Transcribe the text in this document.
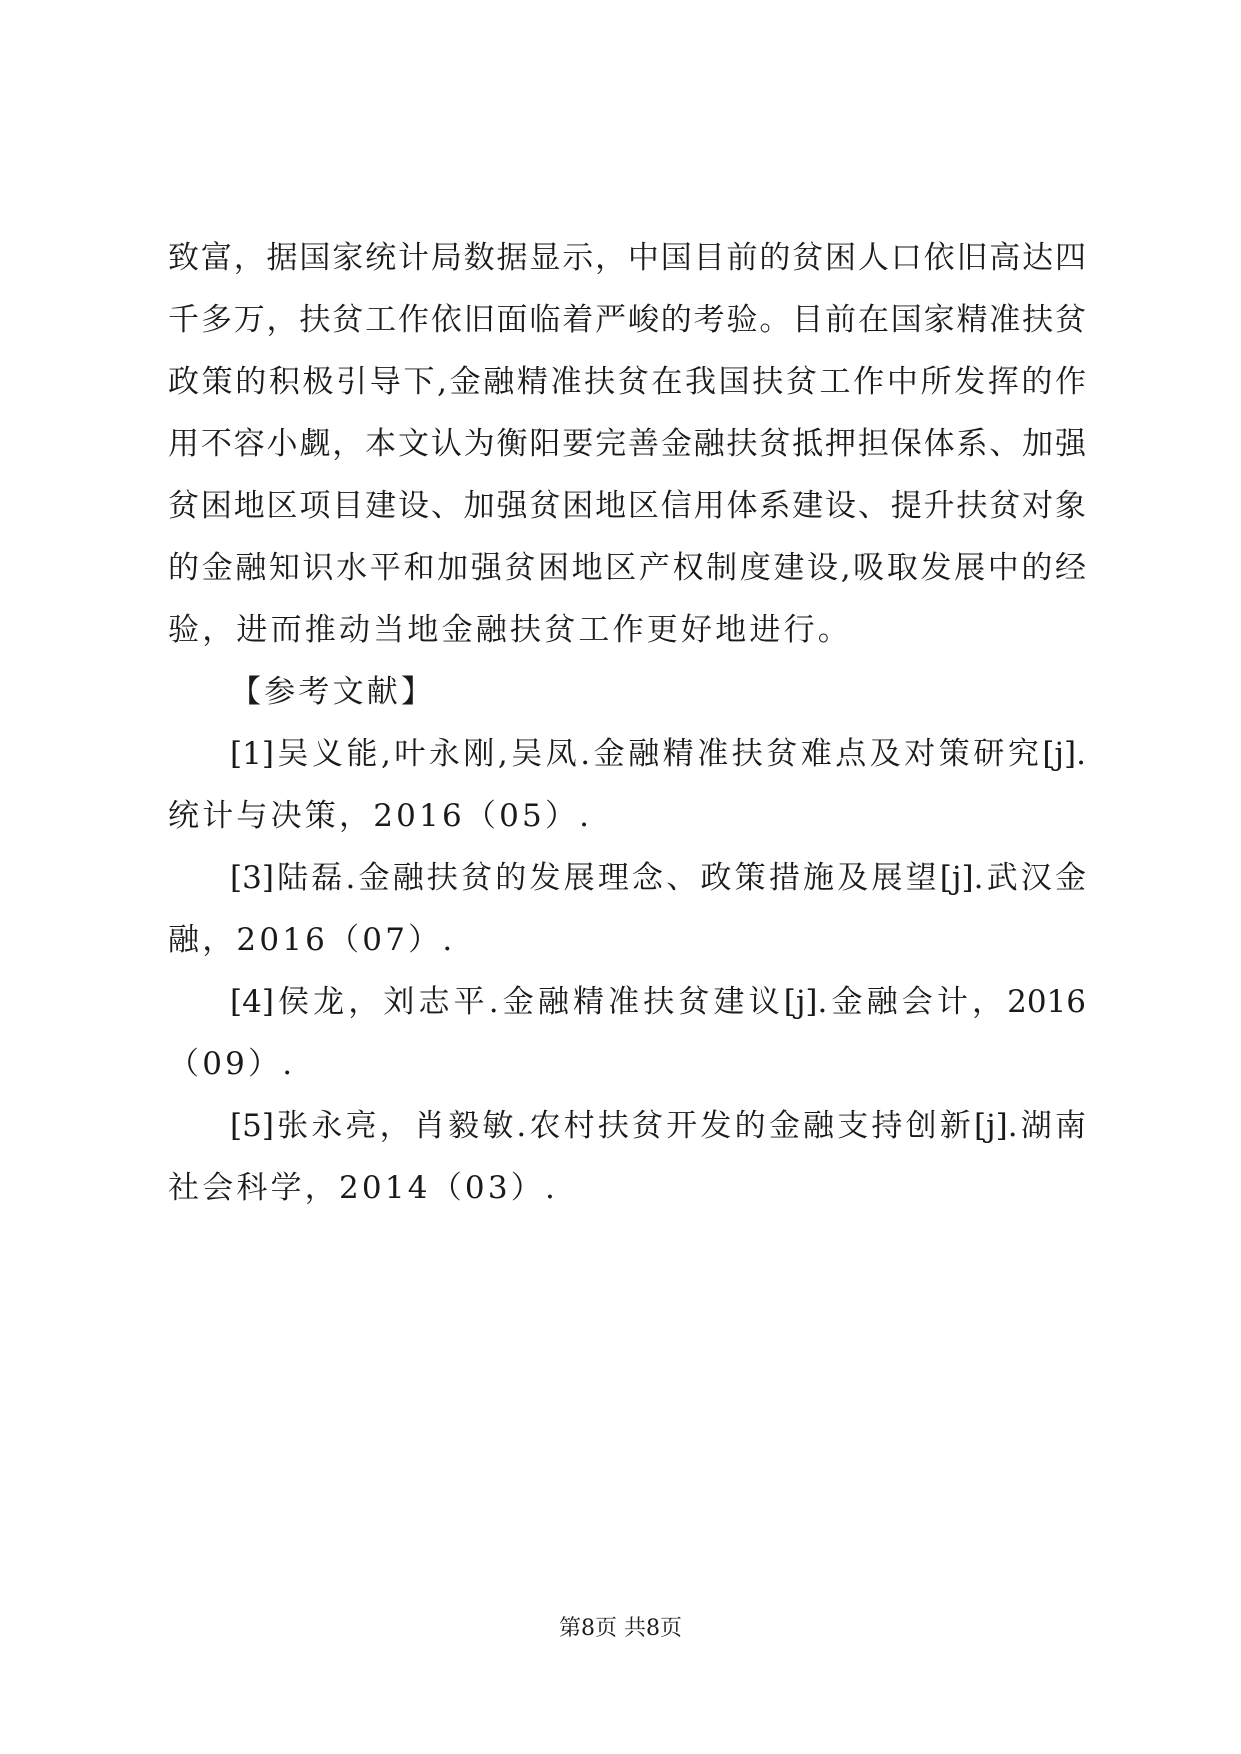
致富，据国家统计局数据显示，中国目前的贫困人口依旧高达四
千多万，扶贫工作依旧面临着严峻的考验。目前在国家精准扶贫
政策的积极引导下,金融精准扶贫在我国扶贫工作中所发挥的作
用不容小觑，本文认为衡阳要完善金融扶贫抵押担保体系、加强
贫困地区项目建设、加强贫困地区信用体系建设、提升扶贫对象
的金融知识水平和加强贫困地区产权制度建设,吸取发展中的经
验，进而推动当地金融扶贫工作更好地进行。
【参考文献】
[1]吴义能,叶永刚,吴凤.金融精准扶贫难点及对策研究[j].
统计与决策，2016（05）.
[3]陆磊.金融扶贫的发展理念、政策措施及展望[j].武汉金
融，2016（07）.
[4]侯龙，刘志平.金融精准扶贫建议[j].金融会计，2016
（09）.
[5]张永亮，肖毅敏.农村扶贫开发的金融支持创新[j].湖南
社会科学，2014（03）.
第8页 共8页
